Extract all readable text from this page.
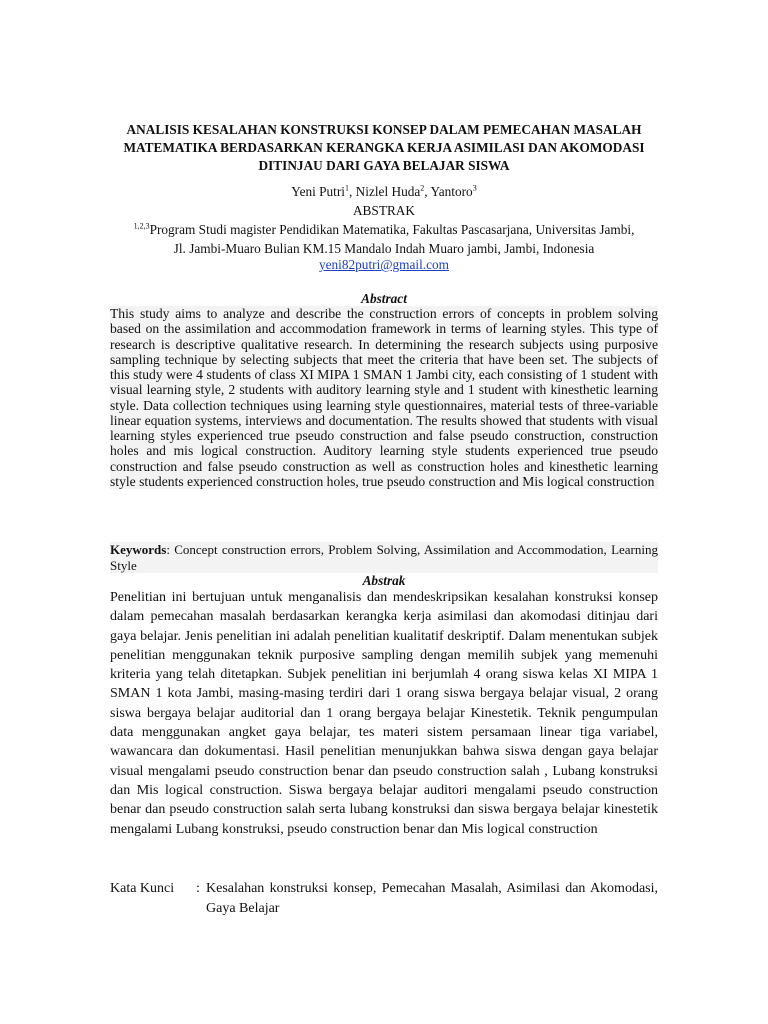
ANALISIS KESALAHAN KONSTRUKSI KONSEP DALAM PEMECAHAN MASALAH MATEMATIKA BERDASARKAN KERANGKA KERJA ASIMILASI DAN AKOMODASI DITINJAU DARI GAYA BELAJAR SISWA
Yeni Putri$^1$, Nizlel Huda$^2$, Yantoro$^3$
ABSTRAK
$^{1,2,3}$Program Studi magister Pendidikan Matematika, Fakultas Pascasarjana, Universitas Jambi,
Jl. Jambi-Muaro Bulian KM.15 Mandalo Indah Muaro jambi, Jambi, Indonesia
yeni82putri@gmail.com
Abstract
This study aims to analyze and describe the construction errors of concepts in problem solving based on the assimilation and accommodation framework in terms of learning styles. This type of research is descriptive qualitative research. In determining the research subjects using purposive sampling technique by selecting subjects that meet the criteria that have been set. The subjects of this study were 4 students of class XI MIPA 1 SMAN 1 Jambi city, each consisting of 1 student with visual learning style, 2 students with auditory learning style and 1 student with kinesthetic learning style. Data collection techniques using learning style questionnaires, material tests of three-variable linear equation systems, interviews and documentation. The results showed that students with visual learning styles experienced true pseudo construction and false pseudo construction, construction holes and mis logical construction. Auditory learning style students experienced true pseudo construction and false pseudo construction as well as construction holes and kinesthetic learning style students experienced construction holes, true pseudo construction and Mis logical construction
Keywords: Concept construction errors, Problem Solving, Assimilation and Accommodation, Learning Style
Abstrak
Penelitian ini bertujuan untuk menganalisis dan mendeskripsikan kesalahan konstruksi konsep dalam pemecahan masalah berdasarkan kerangka kerja asimilasi dan akomodasi ditinjau dari gaya belajar. Jenis penelitian ini adalah penelitian kualitatif deskriptif. Dalam menentukan subjek penelitian menggunakan teknik purposive sampling dengan memilih subjek yang memenuhi kriteria yang telah ditetapkan. Subjek penelitian ini berjumlah 4 orang siswa kelas XI MIPA 1 SMAN 1 kota Jambi, masing-masing terdiri dari 1 orang siswa bergaya belajar visual, 2 orang siswa bergaya belajar auditorial dan 1 orang bergaya belajar Kinestetik. Teknik pengumpulan data menggunakan angket gaya belajar, tes materi sistem persamaan linear tiga variabel, wawancara dan dokumentasi. Hasil penelitian menunjukkan bahwa siswa dengan gaya belajar visual mengalami pseudo construction benar dan pseudo construction salah , Lubang konstruksi dan Mis logical construction. Siswa bergaya belajar auditori mengalami pseudo construction benar dan pseudo construction salah serta lubang konstruksi dan siswa bergaya belajar kinestetik mengalami Lubang konstruksi, pseudo construction benar dan Mis logical construction
Kata Kunci	: Kesalahan konstruksi konsep, Pemecahan Masalah, Asimilasi dan Akomodasi, Gaya Belajar
